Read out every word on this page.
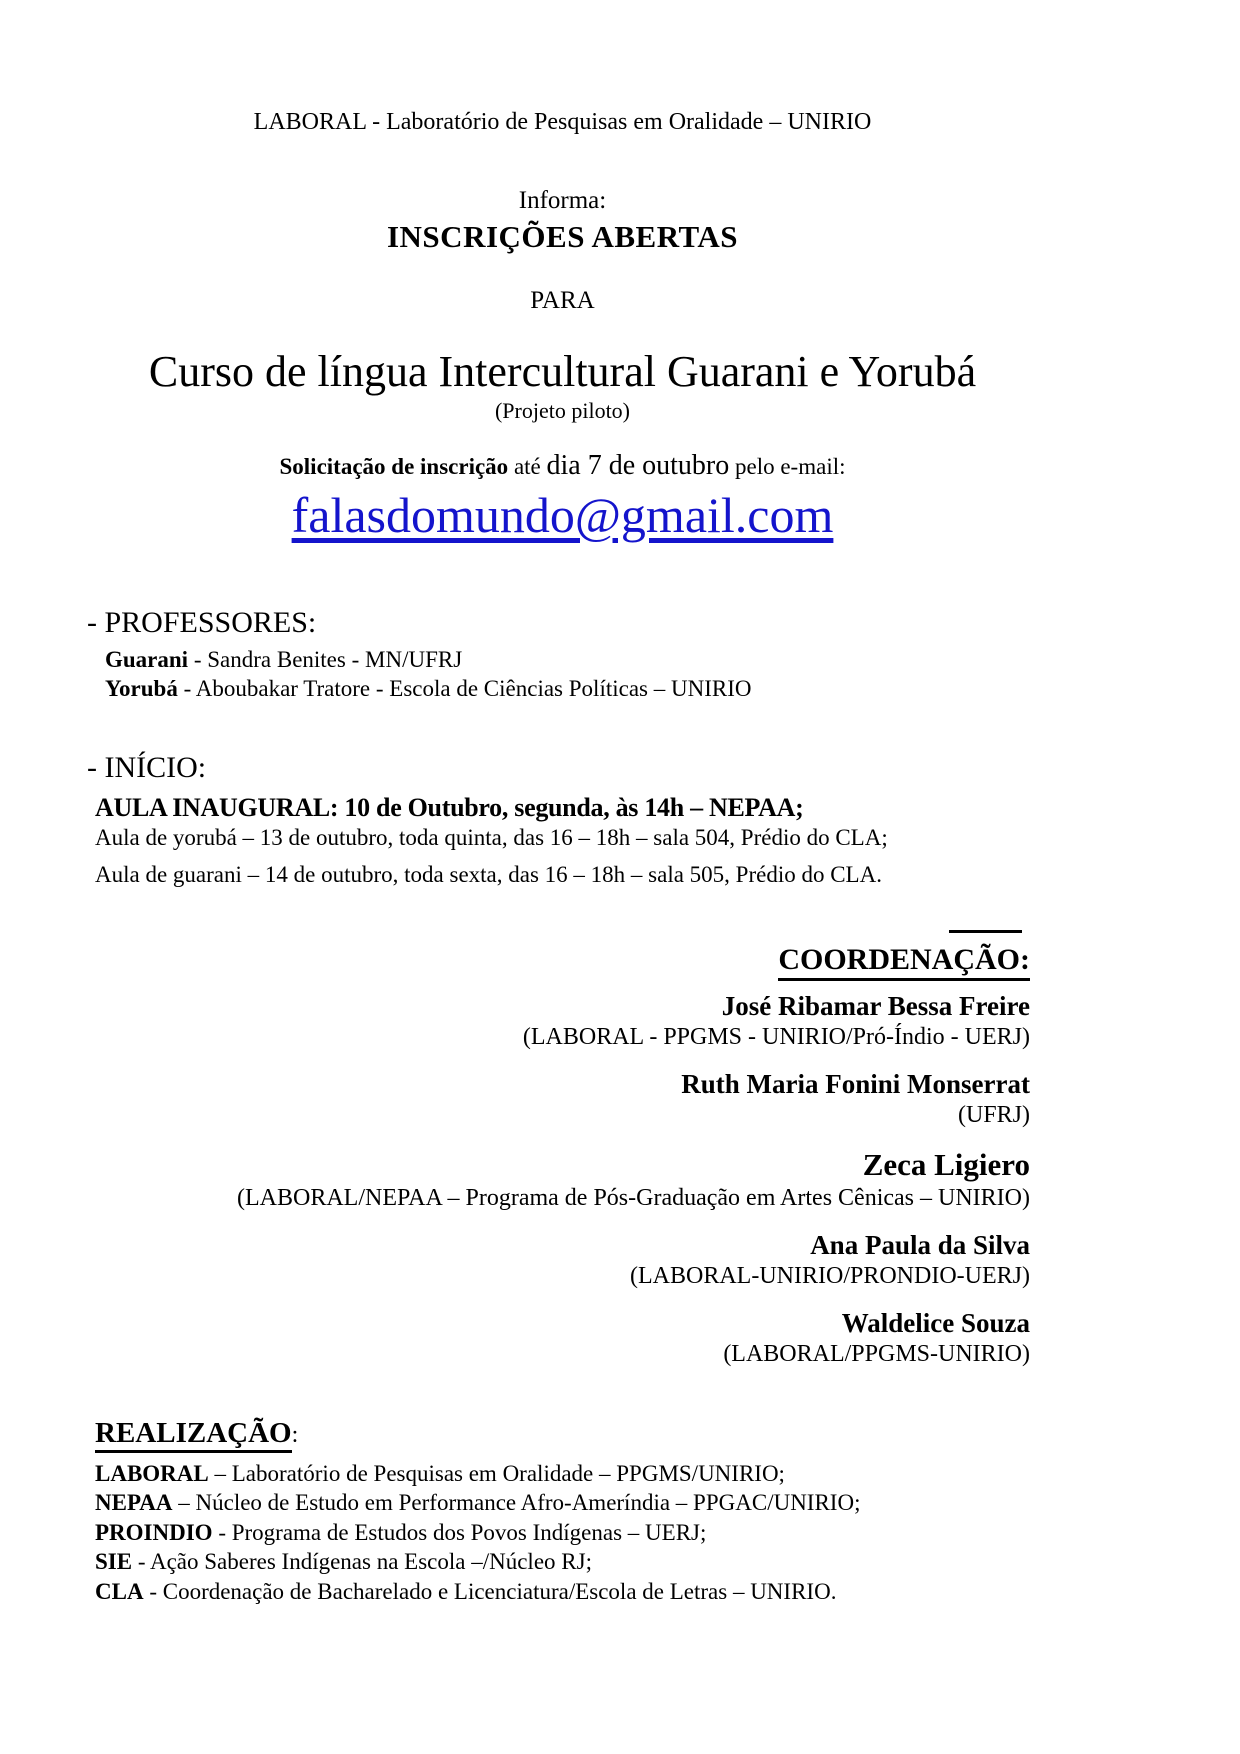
LABORAL - Laboratório de Pesquisas em Oralidade – UNIRIO
Informa:
INSCRIÇÕES ABERTAS
PARA
Curso de língua Intercultural Guarani e Yorubá
(Projeto piloto)
Solicitação de inscrição até dia 7 de outubro pelo e-mail:
falasdomundo@gmail.com
- PROFESSORES:
Guarani - Sandra Benites - MN/UFRJ
Yorubá - Aboubakar Tratore - Escola de Ciências Políticas – UNIRIO
- INÍCIO:
AULA INAUGURAL: 10 de Outubro, segunda, às 14h – NEPAA;
Aula de yorubá – 13 de outubro, toda quinta, das 16 – 18h – sala 504, Prédio do CLA;
Aula de guarani – 14 de outubro, toda sexta, das 16 – 18h – sala 505, Prédio do CLA.
COORDENAÇÃO:
José Ribamar Bessa Freire
(LABORAL - PPGMS - UNIRIO/Pró-Índio - UERJ)
Ruth Maria Fonini Monserrat
(UFRJ)
Zeca Ligiero
(LABORAL/NEPAA – Programa de Pós-Graduação em Artes Cênicas – UNIRIO)
Ana Paula da Silva
(LABORAL-UNIRIO/PRONDIO-UERJ)
Waldelice Souza
(LABORAL/PPGMS-UNIRIO)
REALIZAÇÃO:
LABORAL – Laboratório de Pesquisas em Oralidade – PPGMS/UNIRIO;
NEPAA – Núcleo de Estudo em Performance Afro-Ameríndia – PPGAC/UNIRIO;
PROINDIO - Programa de Estudos dos Povos Indígenas – UERJ;
SIE - Ação Saberes Indígenas na Escola –/Núcleo RJ;
CLA - Coordenação de Bacharelado e Licenciatura/Escola de Letras – UNIRIO.
